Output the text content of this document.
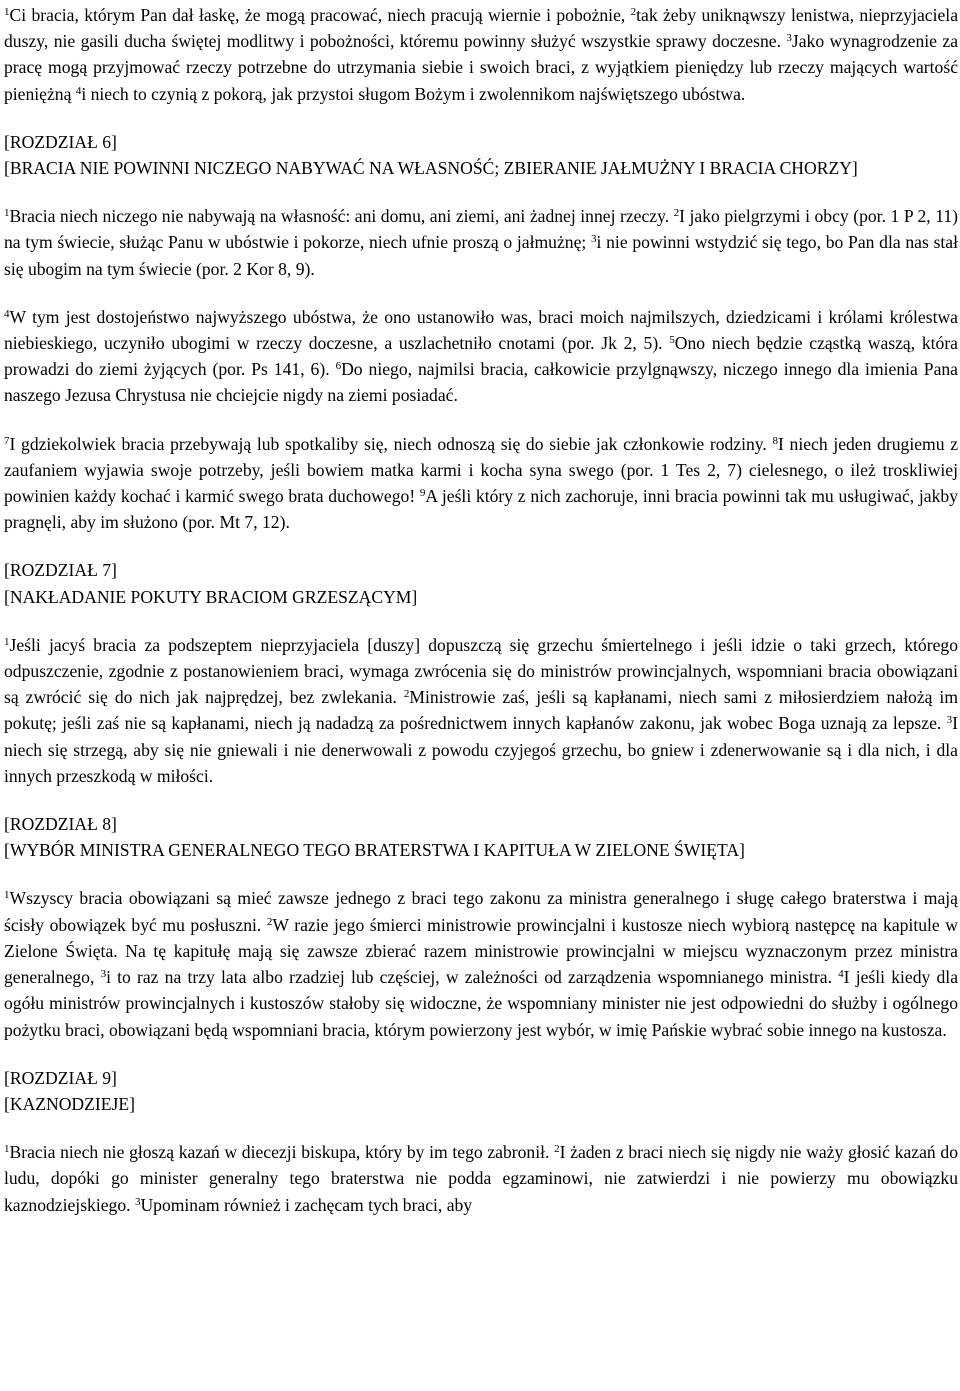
$^1$Ci bracia, którym Pan dał łaskę, że mogą pracować, niech pracują wiernie i pobożnie, $^2$tak żeby uniknąwszy lenistwa, nieprzyjaciela duszy, nie gasili ducha świętej modlitwy i pobożności, któremu powinny służyć wszystkie sprawy doczesne. $^3$Jako wynagrodzenie za pracę mogą przyjmować rzeczy potrzebne do utrzymania siebie i swoich braci, z wyjątkiem pieniędzy lub rzeczy mających wartość pieniężną $^4$i niech to czynią z pokorą, jak przystoi sługom Bożym i zwolennikom najświętszego ubóstwa.

[ROZDZIAŁ 6]
[BRACIA NIE POWINNI NICZEGO NABYWAĆ NA WŁASNOŚĆ; ZBIERANIE JAŁMUŻNY I BRACIA CHORZY]

$^1$Bracia niech niczego nie nabywają na własność: ani domu, ani ziemi, ani żadnej innej rzeczy. $^2$I jako pielgrzymi i obcy (por. 1 P 2, 11) na tym świecie, służąc Panu w ubóstwie i pokorze, niech ufnie proszą o jałmużnę; $^3$i nie powinni wstydzić się tego, bo Pan dla nas stał się ubogim na tym świecie (por. 2 Kor 8, 9).

$^4$W tym jest dostojeństwo najwyższego ubóstwa, że ono ustanowiło was, braci moich najmilszych, dziedzicami i królami królestwa niebieskiego, uczyniło ubogimi w rzeczy doczesne, a uszlachetniło cnotami (por. Jk 2, 5). $^5$Ono niech będzie cząstką waszą, która prowadzi do ziemi żyjących (por. Ps 141, 6). $^6$Do niego, najmilsi bracia, całkowicie przylgnąwszy, niczego innego dla imienia Pana naszego Jezusa Chrystusa nie chciejcie nigdy na ziemi posiadać.

$^7$I gdziekolwiek bracia przebywają lub spotkaliby się, niech odnoszą się do siebie jak członkowie rodziny. $^8$I niech jeden drugiemu z zaufaniem wyjawia swoje potrzeby, jeśli bowiem matka karmi i kocha syna swego (por. 1 Tes 2, 7) cielesnego, o ileż troskliwiej powinien każdy kochać i karmić swego brata duchowego! $^9$A jeśli który z nich zachoruje, inni bracia powinni tak mu usługiwać, jakby pragnęli, aby im służono (por. Mt 7, 12).

[ROZDZIAŁ 7]
[NAKŁADANIE POKUTY BRACIOM GRZESZĄCYM]

$^1$Jeśli jacyś bracia za podszeptem nieprzyjaciela [duszy] dopuszczą się grzechu śmiertelnego i jeśli idzie o taki grzech, którego odpuszczenie, zgodnie z postanowieniem braci, wymaga zwrócenia się do ministrów prowincjalnych, wspomniani bracia obowiązani są zwrócić się do nich jak najprędzej, bez zwlekania. $^2$Ministrowie zaś, jeśli są kapłanami, niech sami z miłosierdziem nałożą im pokutę; jeśli zaś nie są kapłanami, niech ją nadadzą za pośrednictwem innych kapłanów zakonu, jak wobec Boga uznają za lepsze. $^3$I niech się strzegą, aby się nie gniewali i nie denerwowali z powodu czyjegoś grzechu, bo gniew i zdenerwowanie są i dla nich, i dla innych przeszkodą w miłości.

[ROZDZIAŁ 8]
[WYBÓR MINISTRA GENERALNEGO TEGO BRATERSTWA I KAPITUŁA W ZIELONE ŚWIĘTA]

$^1$Wszyscy bracia obowiązani są mieć zawsze jednego z braci tego zakonu za ministra generalnego i sługę całego braterstwa i mają ścisły obowiązek być mu posłuszni. $^2$W razie jego śmierci ministrowie prowincjalni i kustosze niech wybiorą następcę na kapitule w Zielone Święta. Na tę kapitułę mają się zawsze zbierać razem ministrowie prowincjalni w miejscu wyznaczonym przez ministra generalnego, $^3$i to raz na trzy lata albo rzadziej lub częściej, w zależności od zarządzenia wspomnianego ministra. $^4$I jeśli kiedy dla ogółu ministrów prowincjalnych i kustoszów stałoby się widoczne, że wspomniany minister nie jest odpowiedni do służby i ogólnego pożytku braci, obowiązani będą wspomniani bracia, którym powierzony jest wybór, w imię Pańskie wybrać sobie innego na kustosza.

[ROZDZIAŁ 9]
[KAZNODZIEJE]

$^1$Bracia niech nie głoszą kazań w diecezji biskupa, który by im tego zabronił. $^2$I żaden z braci niech się nigdy nie waży głosić kazań do ludu, dopóki go minister generalny tego braterstwa nie podda egzaminowi, nie zatwierdzi i nie powierzy mu obowiązku kaznodziejskiego. $^3$Upominam również i zachęcam tych braci, aby
